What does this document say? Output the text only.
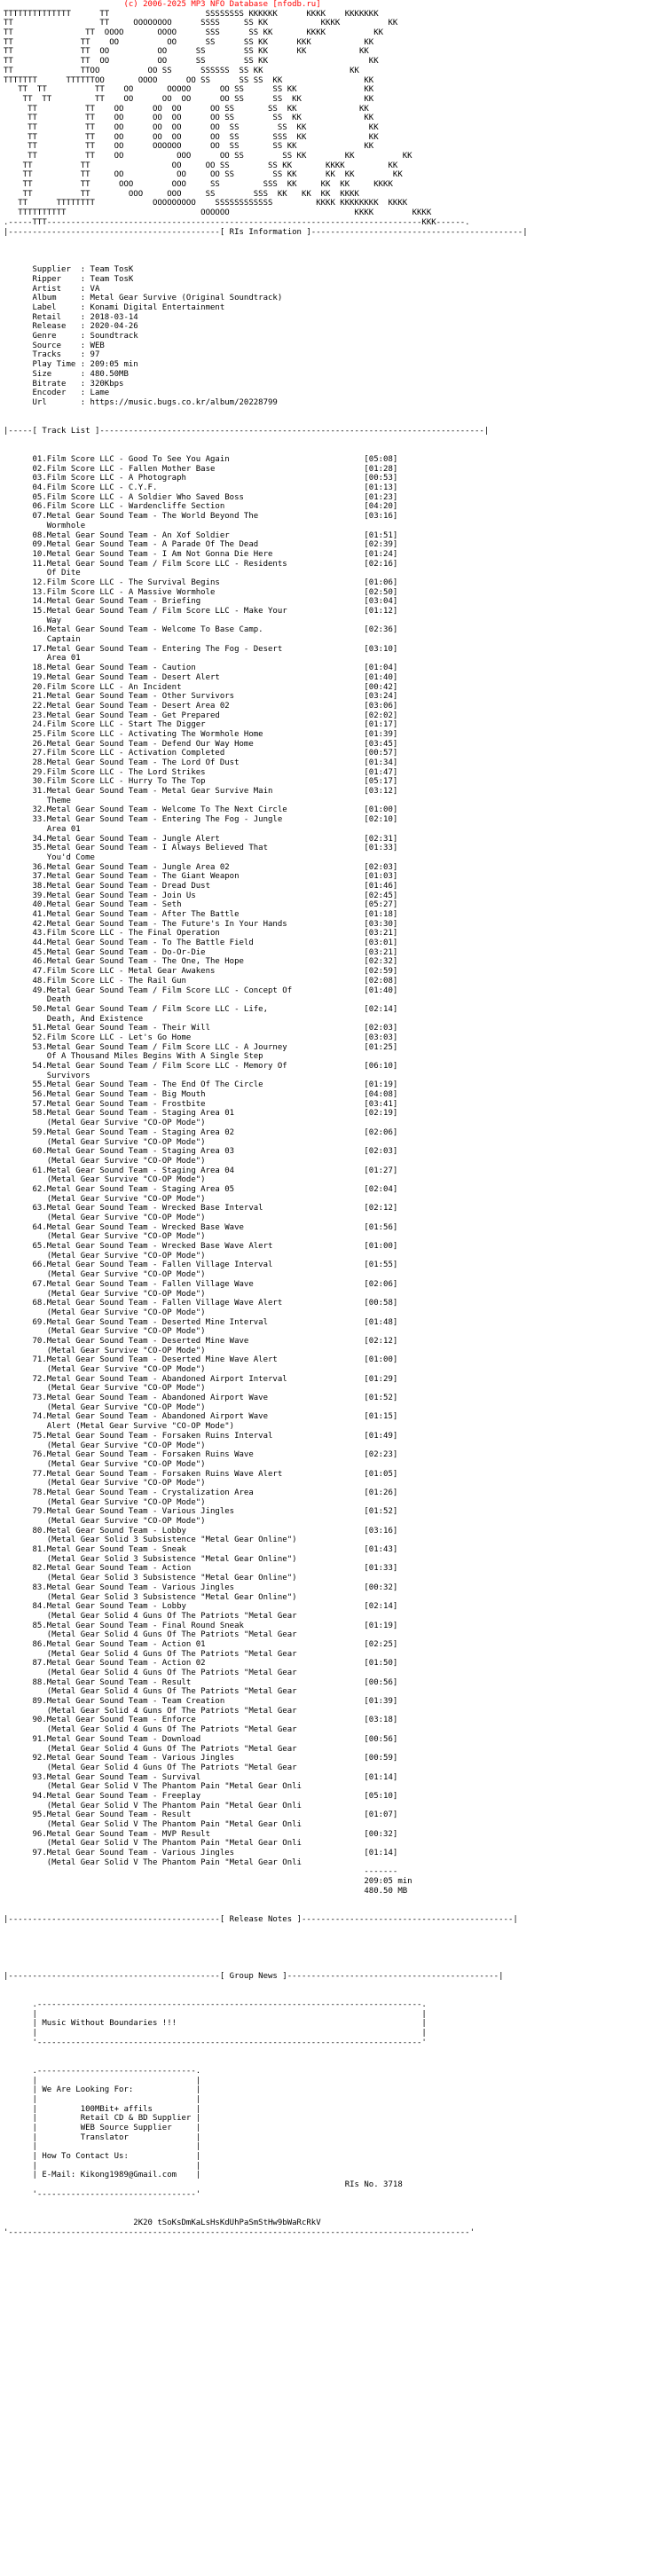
(c) 2006-2025 MP3 NFO Database [nfodb.ru]
TTTTTTTTTTTTTT      TT                    SSSSSSSS KKKKKK      KKKK    KKKKKKK
TT                  TT     OOOOOOOO      SSSS     SS KK           KKKK          KK
TT               TT  OOOO       OOOO      SSS      SS KK       KKKK          KK
TT              TT    OO          OO      SS      SS KK      KKK           KK
TT              TT  OO          OO      SS        SS KK      KK           KK
TT              TT  OO          OO      SS        SS KK                     KK
TT              TTOO          OO SS      SSSSSS  SS KK                  KK
TTTTTTT      TTTTTTOO       OOOO      OO SS      SS SS  KK                 KK
TT  TT          TT    OO       OOOOO      OO SS      SS KK              KK
TT  TT         TT    OO      OO  OO      OO SS      SS  KK             KK
TT          TT    OO      OO  OO      OO SS       SS  KK             KK
TT          TT    OO      OO  OO      OO SS        SS  KK             KK
TT          TT    OO      OO  OO      OO  SS        SS  KK             KK
TT          TT    OO      OO  OO      OO  SS       SSS  KK             KK
TT          TT    OO      OOOOOO      OO  SS       SS KK              KK
TT          TT    OO           OOO      OO SS        SS KK        KK          KK
TT          TT                 OO     OO SS        SS KK       KKKK         KK
TT          TT     OO           OO     OO SS        SS KK      KK  KK        KK
TT          TT      OOO        OOO     SS         SSS  KK     KK  KK     KKKK
TT          TT        OOO     OOO     SS        SSS  KK   KK  KK  KKKK
TT      TTTTTTTT            OOOOOOOOO    SSSSSSSSSSSS         KKKK KKKKKKKK  KKKK
TTTTTTTTTT                            OOOOOO                          KKKK        KKKK
.-----TTT------------------------------------------------------------------------------KKK------.
|--------------------------------------------[ RIs Information ]--------------------------------------------|

Supplier  : Team TosK
Ripper    : Team TosK
Artist    : VA
Album     : Metal Gear Survive (Original Soundtrack)
Label     : Konami Digital Entertainment
Retail    : 2018-03-14
Release   : 2020-04-26
Genre     : Soundtrack
Source    : WEB
Tracks    : 97
Play Time : 209:05 min
Size      : 480.50MB
Bitrate   : 320Kbps
Encoder   : Lame
Url       : https://music.bugs.co.kr/album/20228799

|-----[ Track List ]--------------------------------------------------------------------------------|

01.Film Score LLC - Good To See You Again                            [05:08]
02.Film Score LLC - Fallen Mother Base                               [01:28]
03.Film Score LLC - A Photograph                                     [00:53]
04.Film Score LLC - C.Y.F.                                           [01:13]
05.Film Score LLC - A Soldier Who Saved Boss                         [01:23]
06.Film Score LLC - Wardencliffe Section                             [04:20]
07.Metal Gear Sound Team - The World Beyond The                      [03:16]
Wormhole
08.Metal Gear Sound Team - An Xof Soldier                            [01:51]
09.Metal Gear Sound Team - A Parade Of The Dead                      [02:39]
10.Metal Gear Sound Team - I Am Not Gonna Die Here                   [01:24]
11.Metal Gear Sound Team / Film Score LLC - Residents                [02:16]
Of Dite
12.Film Score LLC - The Survival Begins                              [01:06]
13.Film Score LLC - A Massive Wormhole                               [02:50]
14.Metal Gear Sound Team - Briefing                                  [03:04]
15.Metal Gear Sound Team / Film Score LLC - Make Your                [01:12]
Way
16.Metal Gear Sound Team - Welcome To Base Camp.                     [02:36]
Captain
17.Metal Gear Sound Team - Entering The Fog - Desert                 [03:10]
Area 01
18.Metal Gear Sound Team - Caution                                   [01:04]
19.Metal Gear Sound Team - Desert Alert                              [01:40]
20.Film Score LLC - An Incident                                      [00:42]
21.Metal Gear Sound Team - Other Survivors                           [03:24]
22.Metal Gear Sound Team - Desert Area 02                            [03:06]
23.Metal Gear Sound Team - Get Prepared                              [02:02]
24.Film Score LLC - Start The Digger                                 [01:17]
25.Film Score LLC - Activating The Wormhole Home                     [01:39]
26.Metal Gear Sound Team - Defend Our Way Home                       [03:45]
27.Film Score LLC - Activation Completed                             [00:57]
28.Metal Gear Sound Team - The Lord Of Dust                          [01:34]
29.Film Score LLC - The Lord Strikes                                 [01:47]
30.Film Score LLC - Hurry To The Top                                 [05:17]
31.Metal Gear Sound Team - Metal Gear Survive Main                   [03:12]
Theme
32.Metal Gear Sound Team - Welcome To The Next Circle                [01:00]
33.Metal Gear Sound Team - Entering The Fog - Jungle                 [02:10]
Area 01
34.Metal Gear Sound Team - Jungle Alert                              [02:31]
35.Metal Gear Sound Team - I Always Believed That                    [01:33]
You'd Come
36.Metal Gear Sound Team - Jungle Area 02                            [02:03]
37.Metal Gear Sound Team - The Giant Weapon                          [01:03]
38.Metal Gear Sound Team - Dread Dust                                [01:46]
39.Metal Gear Sound Team - Join Us                                   [02:45]
40.Metal Gear Sound Team - Seth                                      [05:27]
41.Metal Gear Sound Team - After The Battle                          [01:18]
42.Metal Gear Sound Team - The Future's In Your Hands                [03:30]
43.Film Score LLC - The Final Operation                              [03:21]
44.Metal Gear Sound Team - To The Battle Field                       [03:01]
45.Metal Gear Sound Team - Do-Or-Die                                 [03:21]
46.Metal Gear Sound Team - The One, The Hope                         [02:32]
47.Film Score LLC - Metal Gear Awakens                               [02:59]
48.Film Score LLC - The Rail Gun                                     [02:08]
49.Metal Gear Sound Team / Film Score LLC - Concept Of               [01:40]
Death
50.Metal Gear Sound Team / Film Score LLC - Life,                    [02:14]
Death, And Existence
51.Metal Gear Sound Team - Their Will                                [02:03]
52.Film Score LLC - Let's Go Home                                    [03:03]
53.Metal Gear Sound Team / Film Score LLC - A Journey                [01:25]
Of A Thousand Miles Begins With A Single Step
54.Metal Gear Sound Team / Film Score LLC - Memory Of                [06:10]
Survivors
55.Metal Gear Sound Team - The End Of The Circle                     [01:19]
56.Metal Gear Sound Team - Big Mouth                                 [04:08]
57.Metal Gear Sound Team - Frostbite                                 [03:41]
58.Metal Gear Sound Team - Staging Area 01                           [02:19]
(Metal Gear Survive "CO-OP Mode")
59.Metal Gear Sound Team - Staging Area 02                           [02:06]
(Metal Gear Survive "CO-OP Mode")
60.Metal Gear Sound Team - Staging Area 03                           [02:03]
(Metal Gear Survive "CO-OP Mode")
61.Metal Gear Sound Team - Staging Area 04                           [01:27]
(Metal Gear Survive "CO-OP Mode")
62.Metal Gear Sound Team - Staging Area 05                           [02:04]
(Metal Gear Survive "CO-OP Mode")
63.Metal Gear Sound Team - Wrecked Base Interval                     [02:12]
(Metal Gear Survive "CO-OP Mode")
64.Metal Gear Sound Team - Wrecked Base Wave                         [01:56]
(Metal Gear Survive "CO-OP Mode")
65.Metal Gear Sound Team - Wrecked Base Wave Alert                   [01:00]
(Metal Gear Survive "CO-OP Mode")
66.Metal Gear Sound Team - Fallen Village Interval                   [01:55]
(Metal Gear Survive "CO-OP Mode")
67.Metal Gear Sound Team - Fallen Village Wave                       [02:06]
(Metal Gear Survive "CO-OP Mode")
68.Metal Gear Sound Team - Fallen Village Wave Alert                 [00:58]
(Metal Gear Survive "CO-OP Mode")
69.Metal Gear Sound Team - Deserted Mine Interval                    [01:48]
(Metal Gear Survive "CO-OP Mode")
70.Metal Gear Sound Team - Deserted Mine Wave                        [02:12]
(Metal Gear Survive "CO-OP Mode")
71.Metal Gear Sound Team - Deserted Mine Wave Alert                  [01:00]
(Metal Gear Survive "CO-OP Mode")
72.Metal Gear Sound Team - Abandoned Airport Interval                [01:29]
(Metal Gear Survive "CO-OP Mode")
73.Metal Gear Sound Team - Abandoned Airport Wave                    [01:52]
(Metal Gear Survive "CO-OP Mode")
74.Metal Gear Sound Team - Abandoned Airport Wave                    [01:15]
Alert (Metal Gear Survive "CO-OP Mode")
75.Metal Gear Sound Team - Forsaken Ruins Interval                   [01:49]
(Metal Gear Survive "CO-OP Mode")
76.Metal Gear Sound Team - Forsaken Ruins Wave                       [02:23]
(Metal Gear Survive "CO-OP Mode")
77.Metal Gear Sound Team - Forsaken Ruins Wave Alert                 [01:05]
(Metal Gear Survive "CO-OP Mode")
78.Metal Gear Sound Team - Crystalization Area                       [01:26]
(Metal Gear Survive "CO-OP Mode")
79.Metal Gear Sound Team - Various Jingles                           [01:52]
(Metal Gear Survive "CO-OP Mode")
80.Metal Gear Sound Team - Lobby                                     [03:16]
(Metal Gear Solid 3 Subsistence "Metal Gear Online")
81.Metal Gear Sound Team - Sneak                                     [01:43]
(Metal Gear Solid 3 Subsistence "Metal Gear Online")
82.Metal Gear Sound Team - Action                                    [01:33]
(Metal Gear Solid 3 Subsistence "Metal Gear Online")
83.Metal Gear Sound Team - Various Jingles                           [00:32]
(Metal Gear Solid 3 Subsistence "Metal Gear Online")
84.Metal Gear Sound Team - Lobby                                     [02:14]
(Metal Gear Solid 4 Guns Of The Patriots "Metal Gear
85.Metal Gear Sound Team - Final Round Sneak                         [01:19]
(Metal Gear Solid 4 Guns Of The Patriots "Metal Gear
86.Metal Gear Sound Team - Action 01                                 [02:25]
(Metal Gear Solid 4 Guns Of The Patriots "Metal Gear
87.Metal Gear Sound Team - Action 02                                 [01:50]
(Metal Gear Solid 4 Guns Of The Patriots "Metal Gear
88.Metal Gear Sound Team - Result                                    [00:56]
(Metal Gear Solid 4 Guns Of The Patriots "Metal Gear
89.Metal Gear Sound Team - Team Creation                             [01:39]
(Metal Gear Solid 4 Guns Of The Patriots "Metal Gear
90.Metal Gear Sound Team - Enforce                                   [03:18]
(Metal Gear Solid 4 Guns Of The Patriots "Metal Gear
91.Metal Gear Sound Team - Download                                  [00:56]
(Metal Gear Solid 4 Guns Of The Patriots "Metal Gear
92.Metal Gear Sound Team - Various Jingles                           [00:59]
(Metal Gear Solid 4 Guns Of The Patriots "Metal Gear
93.Metal Gear Sound Team - Survival                                  [01:14]
(Metal Gear Solid V The Phantom Pain "Metal Gear Onli
94.Metal Gear Sound Team - Freeplay                                  [05:10]
(Metal Gear Solid V The Phantom Pain "Metal Gear Onli
95.Metal Gear Sound Team - Result                                    [01:07]
(Metal Gear Solid V The Phantom Pain "Metal Gear Onli
96.Metal Gear Sound Team - MVP Result                                [00:32]
(Metal Gear Solid V The Phantom Pain "Metal Gear Onli
97.Metal Gear Sound Team - Various Jingles                           [01:14]
(Metal Gear Solid V The Phantom Pain "Metal Gear Onli
-------
209:05 min
480.50 MB

|--------------------------------------------[ Release Notes ]--------------------------------------------|

|--------------------------------------------[ Group News ]--------------------------------------------|

.--------------------------------------------------------------------------------.
|                                                                                |
| Music Without Boundaries !!!                                                   |
|                                                                                |
'--------------------------------------------------------------------------------'

.---------------------------------.
|                                 |
| We Are Looking For:             |
|                                 |
|         100MBit+ affils         |
|         Retail CD & BD Supplier |
|         WEB Source Supplier     |
|         Translator              |
|                                 |
| How To Contact Us:              |
|                                 |
| E-Mail: Kikong1989@Gmail.com    |
RIs No. 3718
'---------------------------------'

2K20 tSoKsDmKaLsHsKdUhPaSmStHw9bWaRcRkV
'------------------------------------------------------------------------------------------------'
